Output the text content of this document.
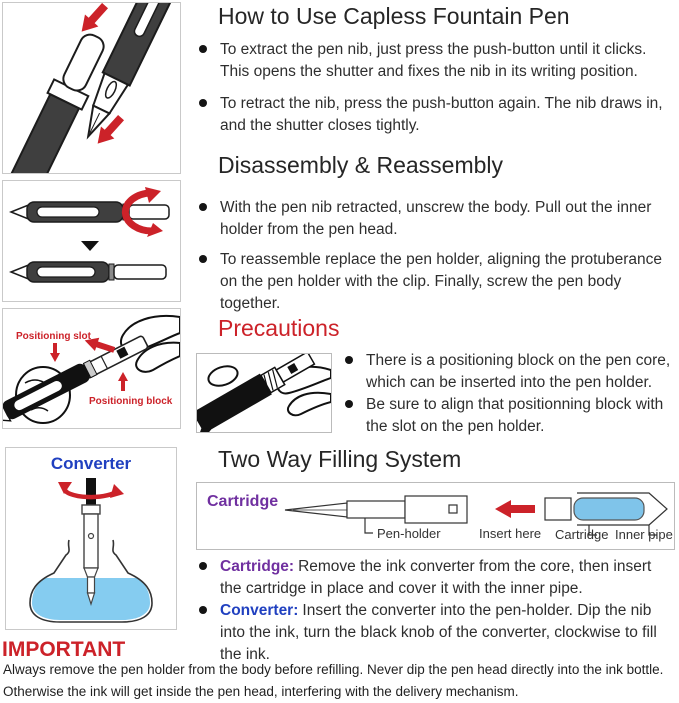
Positioning slot
Positioning block
Converter
How to Use Capless Fountain Pen
To extract the pen nib, just press the push-button until it clicks. This opens the shutter and fixes the nib in its writing position.
To retract the nib, press the push-button again. The nib draws in, and the shutter closes tightly.
Disassembly & Reassembly
With the pen nib retracted, unscrew the body. Pull out the inner holder from the pen head.
To reassemble replace the pen holder, aligning the protuberance on the pen holder with the clip. Finally, screw the pen body together.
Precautions
There is a positioning block on the pen core, which can be inserted into the pen holder.
Be sure to align that positionning block with the slot on the pen holder.
Two Way Filling System
Cartridge
Pen-holder	Insert here Cartridge Inner pipe
Cartridge: Remove the ink converter from the core, then insert the cartridge in place and cover it with the inner pipe.
Converter: Insert the converter into the pen-holder. Dip the nib into the ink, turn the black knob of the converter, clockwise to fill the ink.
IMPORTANT
Always remove the pen holder from the body before refilling. Never dip the pen head directly into the ink bottle.
Otherwise the ink will get inside the pen head, interfering with the delivery mechanism.
